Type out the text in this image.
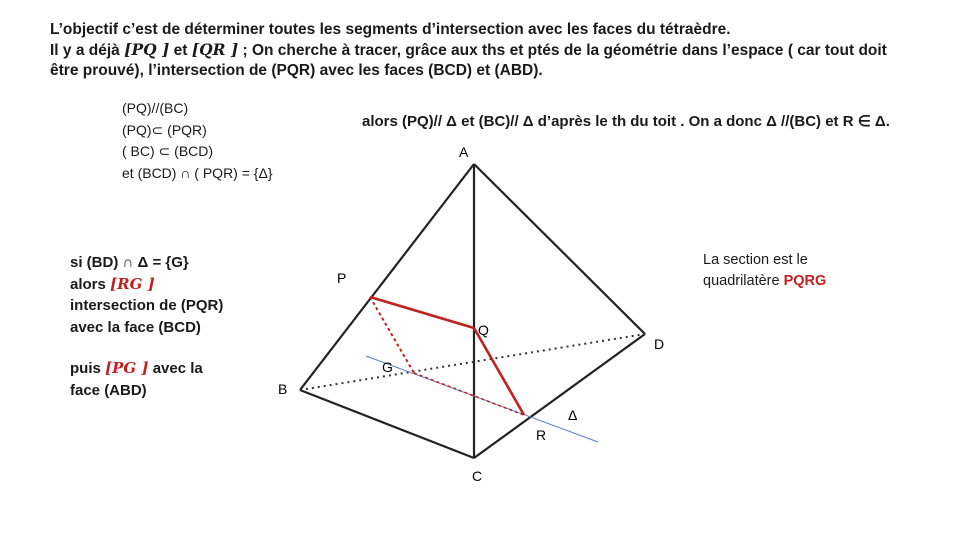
L’objectif c’est de déterminer toutes les segments d’intersection avec les faces du tétraèdre.
Il y a déjà [PQ ] et [QR ] ; On cherche à tracer, grâce aux ths et ptés de la géométrie dans l’espace ( car tout doit
être prouvé), l’intersection de (PQR) avec les faces (BCD) et (ABD).
(PQ)//(BC)
(PQ)⊂ (PQR)
( BC) ⊂ (BCD)
et (BCD) ∩ ( PQR) = {Δ}
alors (PQ)// Δ et (BC)// Δ d’après le th du toit . On a donc Δ //(BC) et R ∈ Δ.
si (BD) ∩ Δ = {G}
alors [RG ]
intersection de (PQR)
avec la face (BCD)
puis [PG ] avec la
face (ABD)
La section est le
quadrilatère PQRG
A
B
C
D
P
Q
R
G
Δ
